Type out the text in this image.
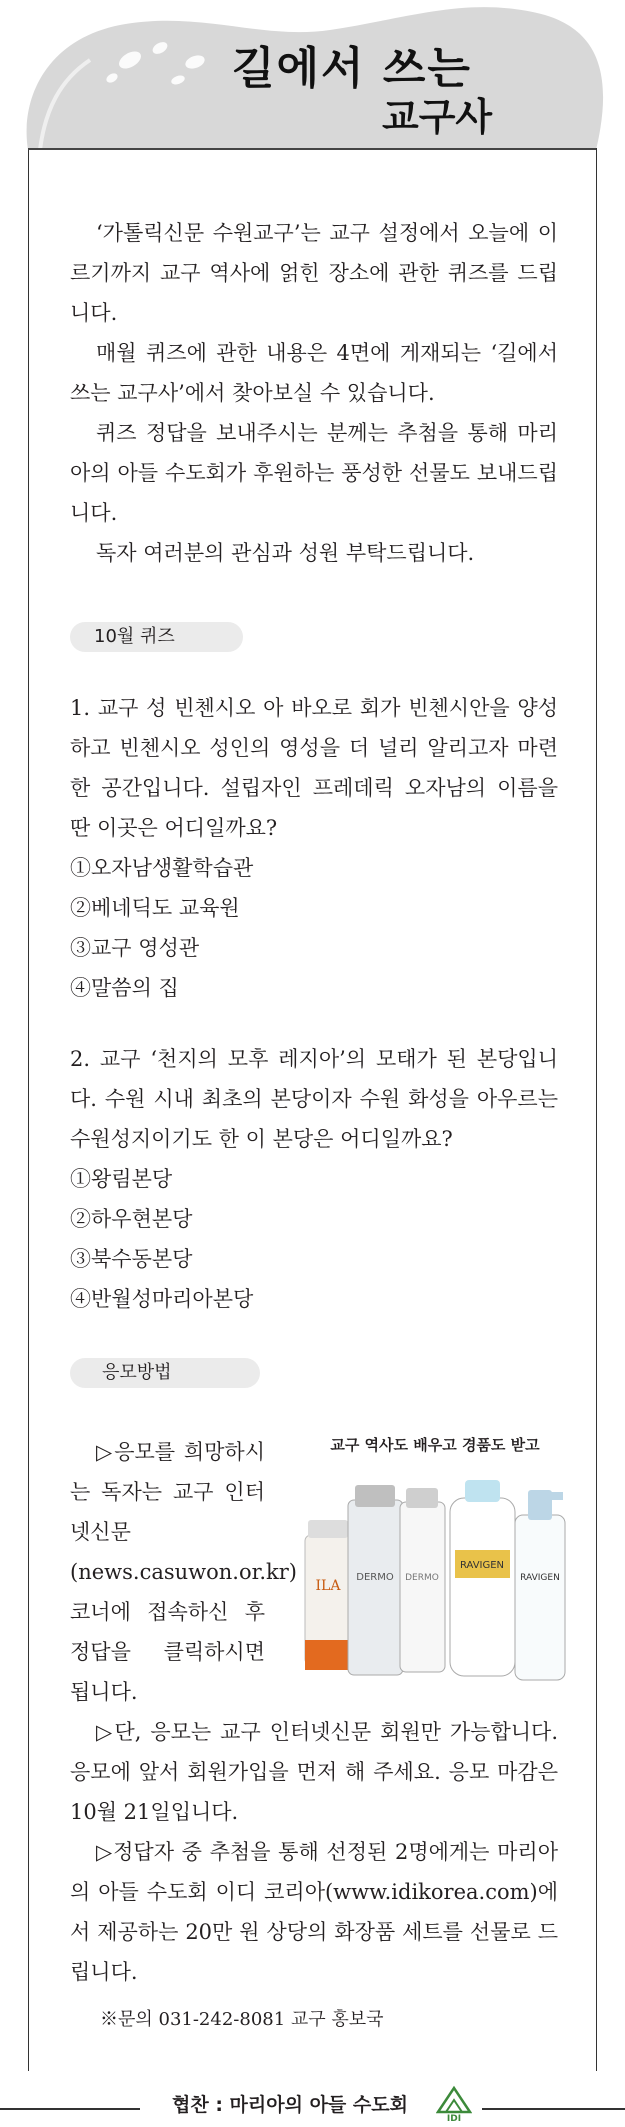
길에서 쓰는
교구사

‘가톨릭신문 수원교구’는 교구 설정에서 오늘에 이르기까지 교구 역사에 얽힌 장소에 관한 퀴즈를 드립니다.

매월 퀴즈에 관한 내용은 4면에 게재되는 ‘길에서 쓰는 교구사’에서 찾아보실 수 있습니다.

퀴즈 정답을 보내주시는 분께는 추첨을 통해 마리아의 아들 수도회가 후원하는 풍성한 선물도 보내드립니다.

독자 여러분의 관심과 성원 부탁드립니다.

10월 퀴즈

1. 교구 성 빈첸시오 아 바오로 회가 빈첸시안을 양성하고 빈첸시오 성인의 영성을 더 널리 알리고자 마련한 공간입니다. 설립자인 프레데릭 오자남의 이름을 딴 이곳은 어디일까요?

①오자남생활학습관
②베네딕도 교육원
③교구 영성관
④말씀의 집

2. 교구 ‘천지의 모후 레지아’의 모태가 된 본당입니다. 수원 시내 최초의 본당이자 수원 화성을 아우르는 수원성지이기도 한 이 본당은 어디일까요?

①왕림본당
②하우현본당
③북수동본당
④반월성마리아본당
응모방법

▷응모를 희망하시는 독자는 교구 인터넷신문(news.casuwon.or.kr) 코너에 접속하신 후 정답을 클릭하시면 됩니다.

교구 역사도 배우고 경품도 받고
ILA
DERMO DERMO
RAVIGEN
RAVIGEN

▷단, 응모는 교구 인터넷신문 회원만 가능합니다. 응모에 앞서 회원가입을 먼저 해 주세요. 응모 마감은 10월 21일입니다.

▷정답자 중 추첨을 통해 선정된 2명에게는 마리아의 아들 수도회 이디 코리아(www.idikorea.com)에서 제공하는 20만 원 상당의 화장품 세트를 선물로 드립니다.

※문의 031-242-8081 교구 홍보국
협찬 : 마리아의 아들 수도회
IDI
